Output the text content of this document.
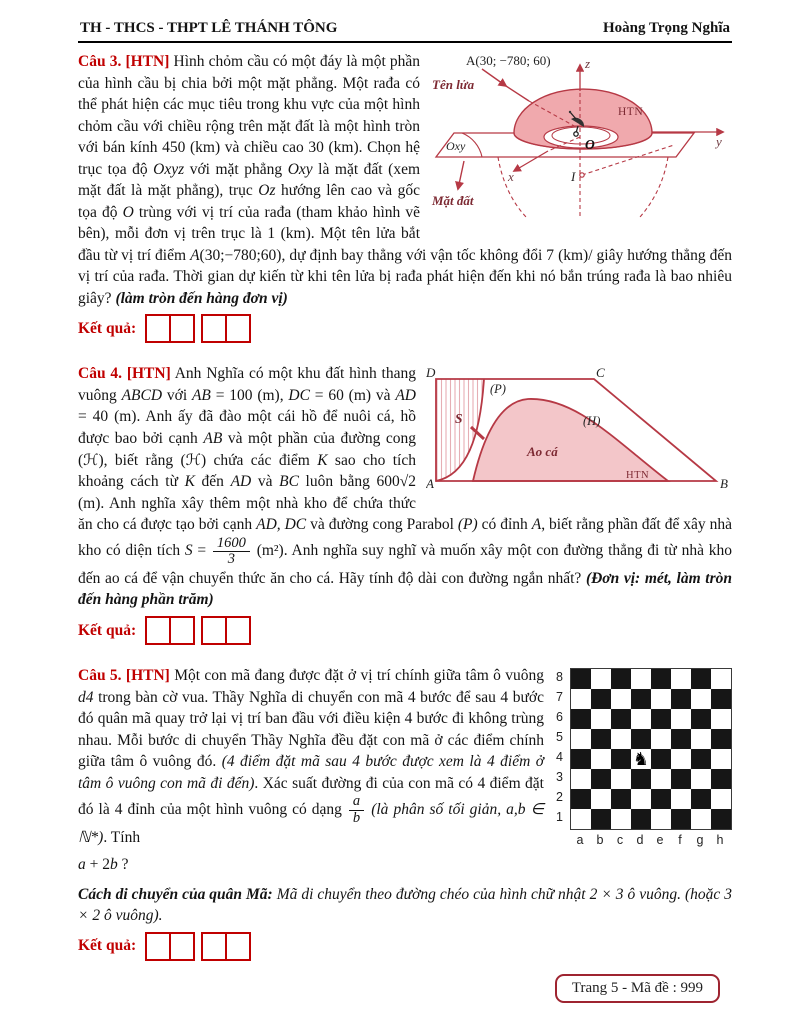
TH - THCS - THPT LÊ THÁNH TÔNG	Hoàng Trọng Nghĩa
A(30; −780; 60)
Tên lửa
z
y
x
Oxy	O
I
HTN
Mặt đất
Câu 3. [HTN] Hình chỏm cầu có một đáy là một phần của hình cầu bị chia bởi một mặt phẳng. Một rađa có thể phát hiện các mục tiêu trong khu vực của một hình chỏm cầu với chiều rộng trên mặt đất là một hình tròn với bán kính 450 (km) và chiều cao 30 (km). Chọn hệ trục tọa độ Oxyz với mặt phẳng Oxy là mặt đất (xem mặt đất là mặt phẳng), trục Oz hướng lên cao và gốc tọa độ O trùng với vị trí của rađa (tham khảo hình vẽ bên), mỗi đơn vị trên trục là 1 (km). Một tên lửa bắt đầu từ vị trí điểm A(30;−780;60), dự định bay thẳng với vận tốc không đổi 7 (km)/ giây hướng thẳng đến vị trí của rađa. Thời gian dự kiến từ khi tên lửa bị rađa phát hiện đến khi nó bắn trúng rađa là bao nhiêu giây? (làm tròn đến hàng đơn vị)
Kết quả:
D	C
A	B
(P)
S	(H)
Ao cá
HTN
Câu 4. [HTN] Anh Nghĩa có một khu đất hình thang vuông ABCD với AB = 100 (m), DC = 60 (m) và AD = 40 (m). Anh ấy đã đào một cái hồ để nuôi cá, hồ được bao bởi cạnh AB và một phần của đường cong (ℋ), biết rằng (ℋ) chứa các điểm K sao cho tích khoảng cách từ K đến AD và BC luôn bằng 600√2 (m). Anh nghĩa xây thêm một nhà kho để chứa thức ăn cho cá được tạo bởi cạnh AD, DC và đường cong Parabol (P) có đỉnh A, biết rằng phần đất để xây nhà kho có diện tích $S = \frac{1600}{3} (m^2)$. Anh nghĩa suy nghĩ và muốn xây một con đường thẳng đi từ nhà kho đến ao cá để vận chuyển thức ăn cho cá. Hãy tính độ dài con đường ngắn nhất? (Đơn vị: mét, làm tròn đến hàng phần trăm)
Kết quả:
8
7
6
5
4
3
2
1
♞
a	b	c	d	e	f	g	h
Câu 5. [HTN] Một con mã đang được đặt ở vị trí chính giữa tâm ô vuông d4 trong bàn cờ vua. Thầy Nghĩa di chuyển con mã 4 bước để sau 4 bước đó quân mã quay trở lại vị trí ban đầu với điều kiện 4 bước đi không trùng nhau. Mỗi bước di chuyển Thầy Nghĩa đều đặt con mã ở các điểm chính giữa tâm ô vuông đó. (4 điểm đặt mã sau 4 bước được xem là 4 điểm ở tâm ô vuông con mã đi đến). Xác suất đường đi của con mã có 4 điểm đặt đó là 4 đỉnh của một hình vuông có dạng $\frac{a}{b}$ (là phân số tối giản, a,b ∈ ℕ*). Tính
a + 2b ?
Cách di chuyển của quân Mã: Mã di chuyển theo đường chéo của hình chữ nhật 2 × 3 ô vuông. (hoặc 3 × 2 ô vuông).
Kết quả:
Trang 5 - Mã đề : 999
